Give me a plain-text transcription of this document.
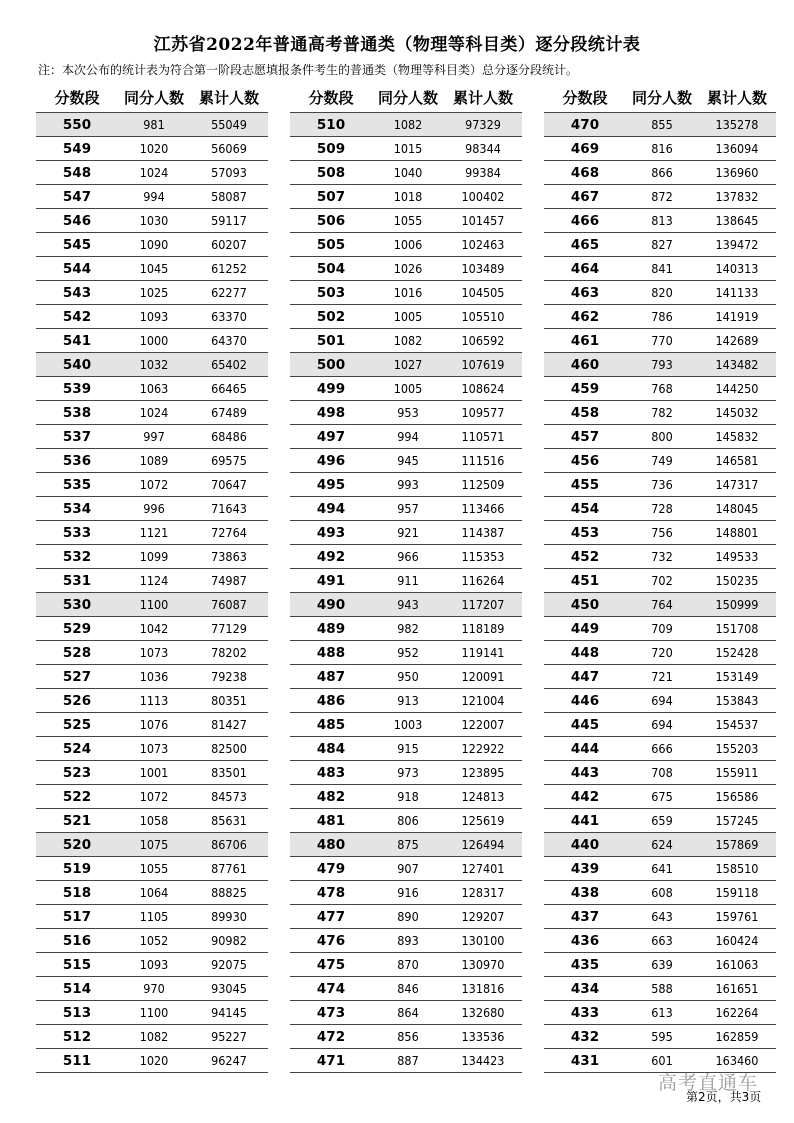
江苏省2022年普通高考普通类（物理等科目类）逐分段统计表
注：本次公布的统计表为符合第一阶段志愿填报条件考生的普通类（物理等科目类）总分逐分段统计。
分数段	同分人数 累计人数
550	981	55049
549	1020	56069
548	1024	57093
547	994	58087
546	1030	59117
545	1090	60207
544	1045	61252
543	1025	62277
542	1093	63370
541	1000	64370
540	1032	65402
539	1063	66465
538	1024	67489
537	997	68486
536	1089	69575
535	1072	70647
534	996	71643
533	1121	72764
532	1099	73863
531	1124	74987
530	1100	76087
529	1042	77129
528	1073	78202
527	1036	79238
526	1113	80351
525	1076	81427
524	1073	82500
523	1001	83501
522	1072	84573
521	1058	85631
520	1075	86706
519	1055	87761
518	1064	88825
517	1105	89930
516	1052	90982
515	1093	92075
514	970	93045
513	1100	94145
512	1082	95227
511	1020	96247
分数段	同分人数 累计人数
510	1082	97329
509	1015	98344
508	1040	99384
507	1018	100402
506	1055	101457
505	1006	102463
504	1026	103489
503	1016	104505
502	1005	105510
501	1082	106592
500	1027	107619
499	1005	108624
498	953	109577
497	994	110571
496	945	111516
495	993	112509
494	957	113466
493	921	114387
492	966	115353
491	911	116264
490	943	117207
489	982	118189
488	952	119141
487	950	120091
486	913	121004
485	1003	122007
484	915	122922
483	973	123895
482	918	124813
481	806	125619
480	875	126494
479	907	127401
478	916	128317
477	890	129207
476	893	130100
475	870	130970
474	846	131816
473	864	132680
472	856	133536
471	887	134423
分数段	同分人数 累计人数
470	855	135278
469	816	136094
468	866	136960
467	872	137832
466	813	138645
465	827	139472
464	841	140313
463	820	141133
462	786	141919
461	770	142689
460	793	143482
459	768	144250
458	782	145032
457	800	145832
456	749	146581
455	736	147317
454	728	148045
453	756	148801
452	732	149533
451	702	150235
450	764	150999
449	709	151708
448	720	152428
447	721	153149
446	694	153843
445	694	154537
444	666	155203
443	708	155911
442	675	156586
441	659	157245
440	624	157869
439	641	158510
438	608	159118
437	643	159761
436	663	160424
435	639	161063
434	588	161651
433	613	162264
432	595	162859
431	601	163460
高考直通车
第2页，共3页
